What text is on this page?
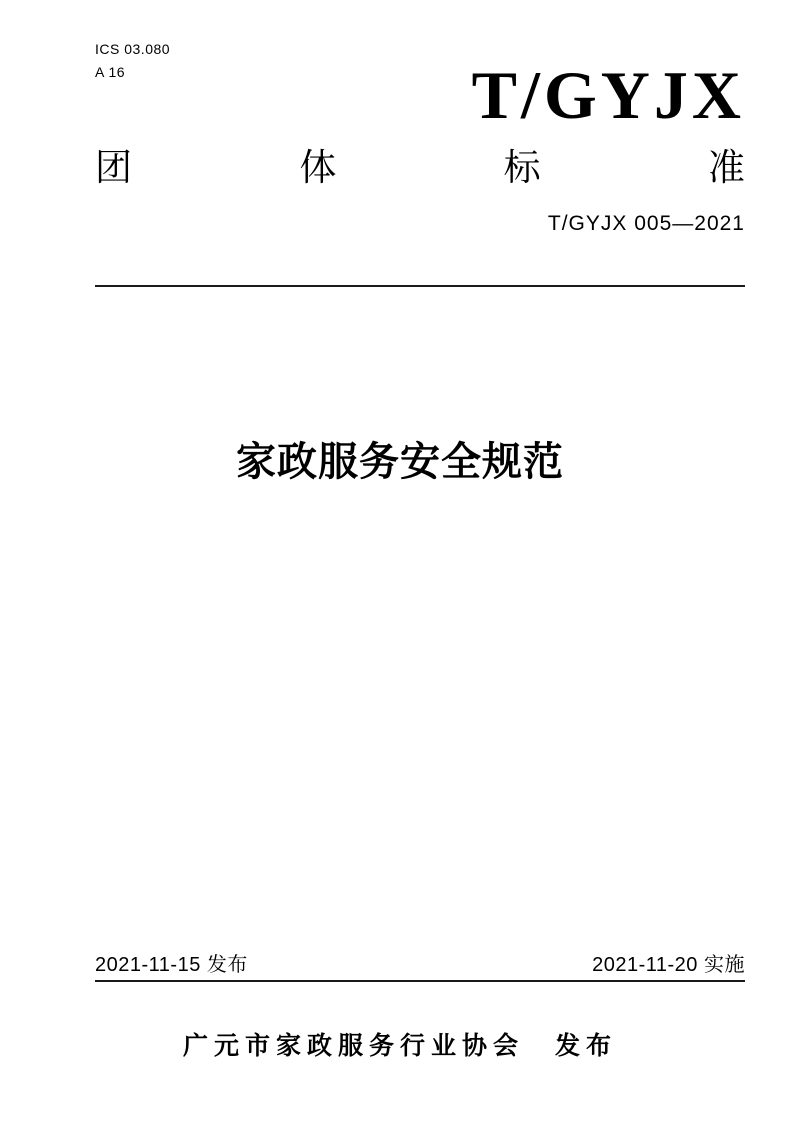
ICS 03.080
A 16	T/GYJX
团	体	标	准
T/GYJX 005—2021
家政服务安全规范
2021-11-15 发布	2021-11-20 实施
广元市家政服务行业协会　发布
